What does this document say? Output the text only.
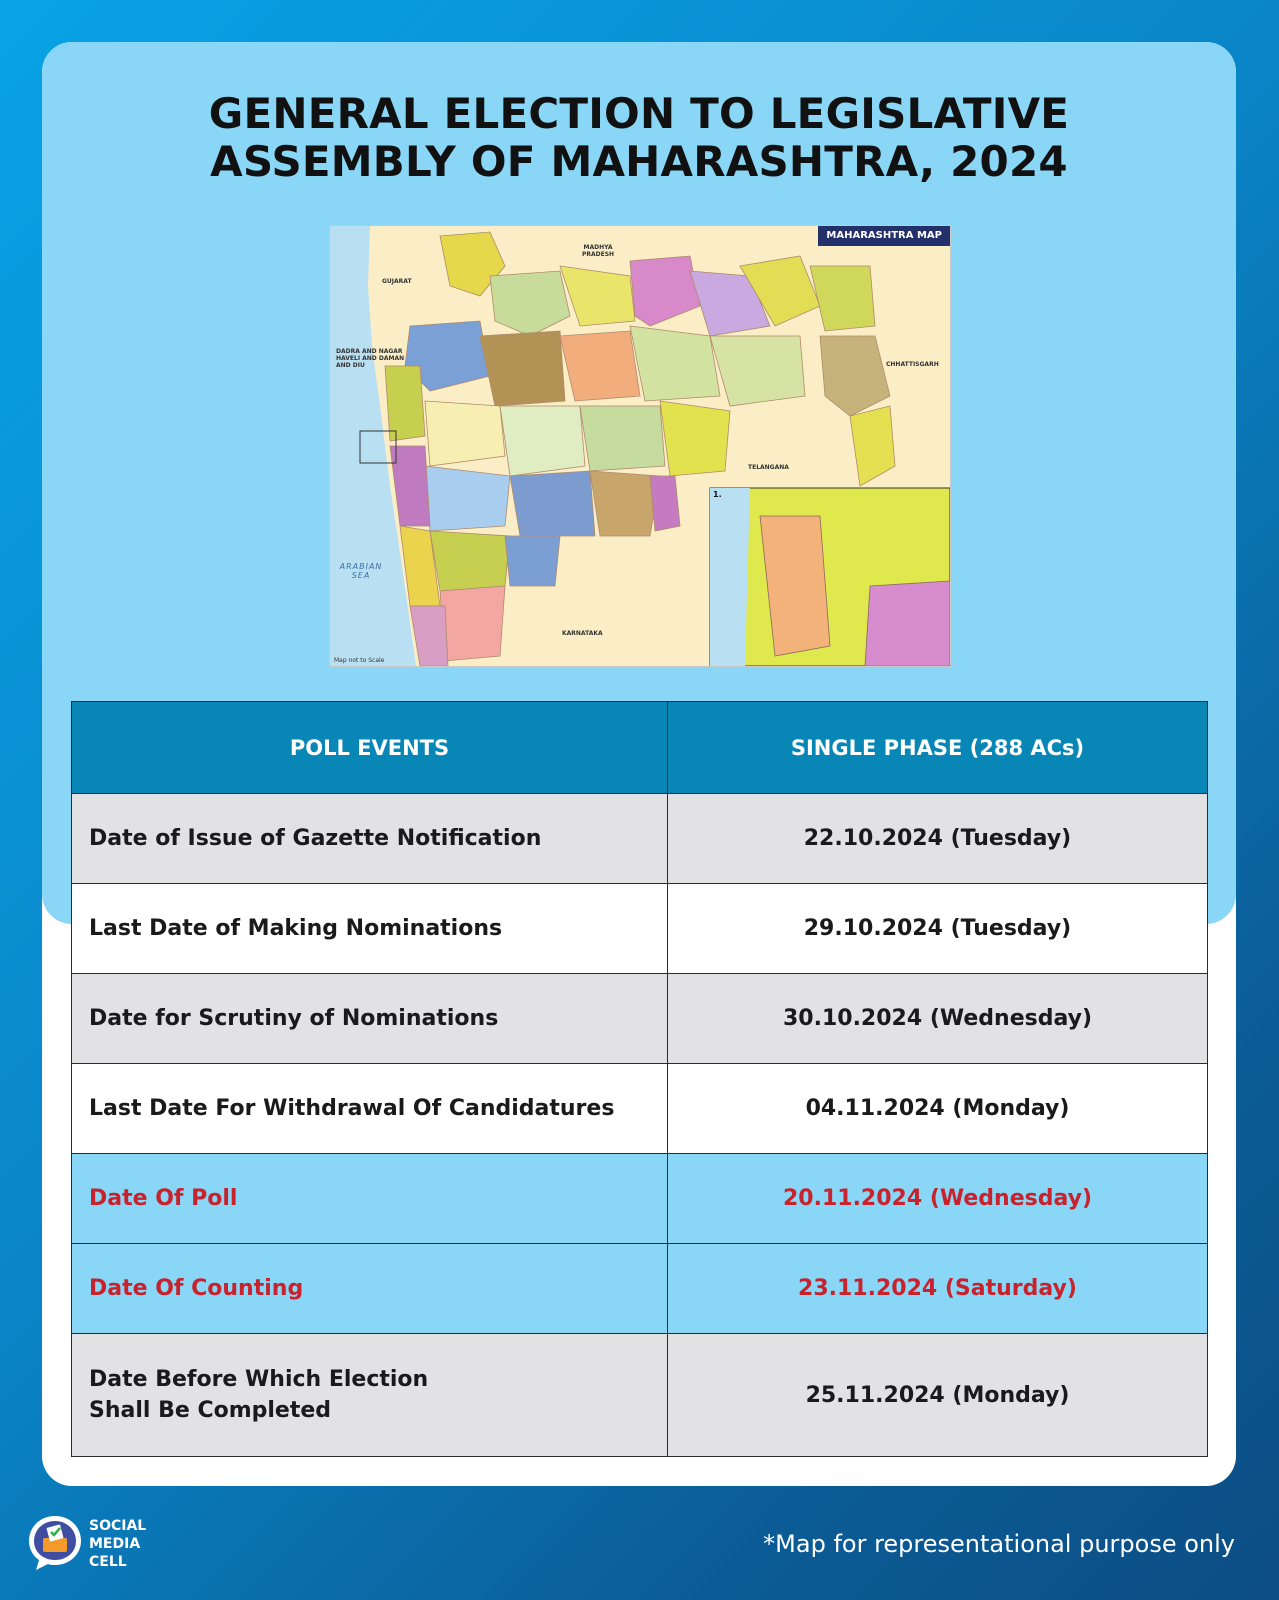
GENERAL ELECTION TO LEGISLATIVE
ASSEMBLY OF MAHARASHTRA, 2024
MAHARASHTRA MAP
MADHYA PRADESH
GUJARAT
DADRA AND NAGAR HAVELI AND DAMAN AND DIU	CHHATTISGARH
TELANGANA
KARNATAKA
ARABIAN SEA
Map not to Scale
1.
POLL EVENTS	SINGLE PHASE (288 ACs)
Date of Issue of Gazette Notification	22.10.2024 (Tuesday)
Last Date of Making Nominations	29.10.2024 (Tuesday)
Date for Scrutiny of Nominations	30.10.2024 (Wednesday)
Last Date For Withdrawal Of Candidatures	04.11.2024 (Monday)
Date Of Poll	20.11.2024 (Wednesday)
Date Of Counting	23.11.2024 (Saturday)

Date Before Which Election
Shall Be Completed	25.11.2024 (Monday)
SOCIAL
MEDIA
CELL
*Map for representational purpose only
